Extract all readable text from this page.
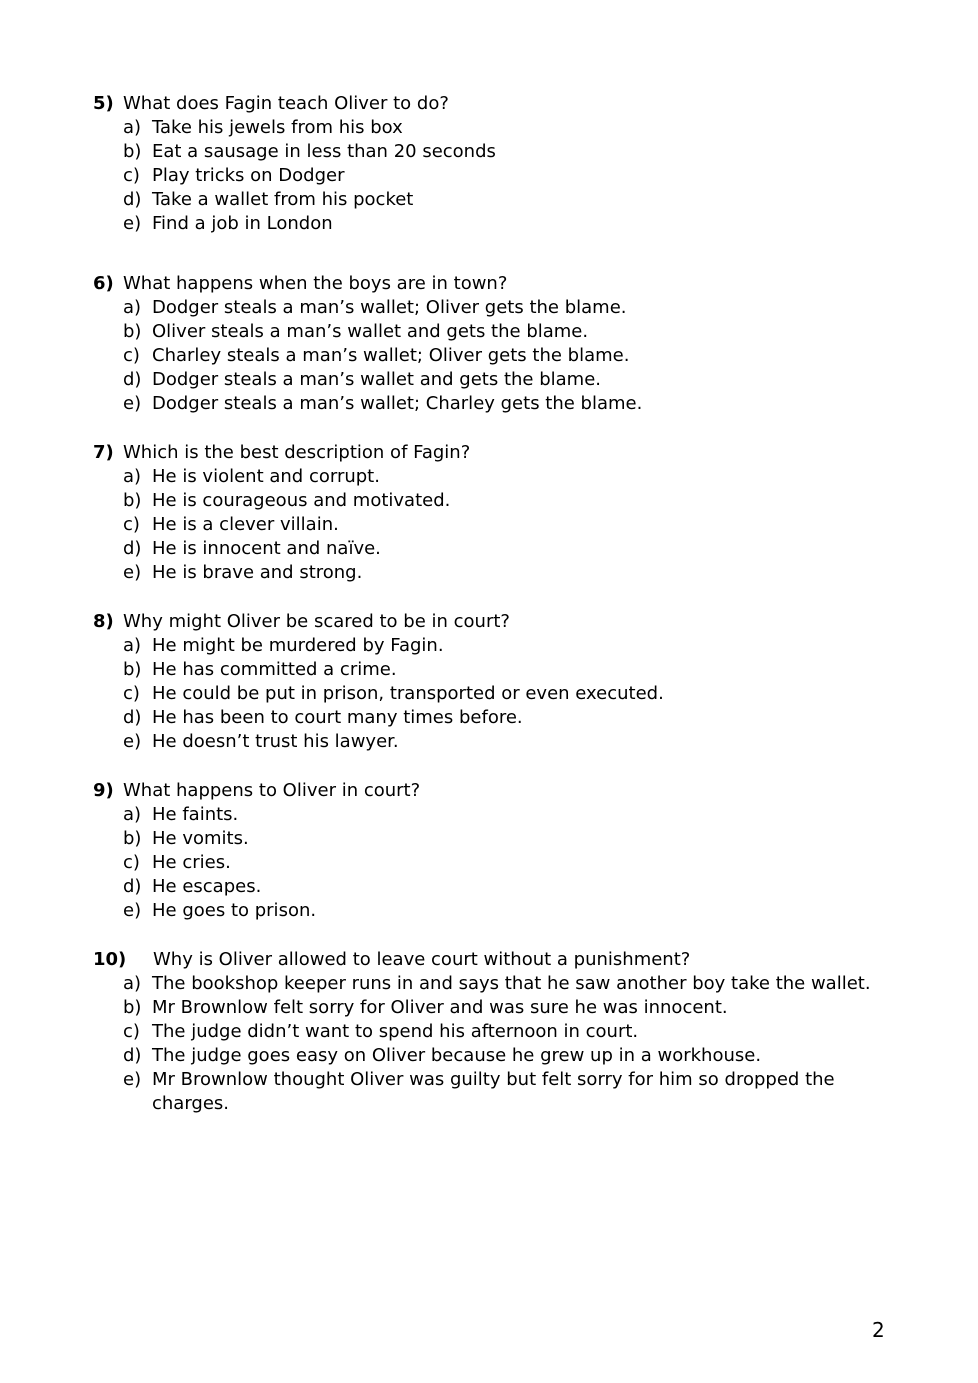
5) What does Fagin teach Oliver to do?
a) Take his jewels from his box
b) Eat a sausage in less than 20 seconds
c) Play tricks on Dodger
d) Take a wallet from his pocket
e) Find a job in London
6) What happens when the boys are in town?
a) Dodger steals a man’s wallet; Oliver gets the blame.
b) Oliver steals a man’s wallet and gets the blame.
c) Charley steals a man’s wallet; Oliver gets the blame.
d) Dodger steals a man’s wallet and gets the blame.
e) Dodger steals a man’s wallet; Charley gets the blame.
7) Which is the best description of Fagin?
a) He is violent and corrupt.
b) He is courageous and motivated.
c) He is a clever villain.
d) He is innocent and naïve.
e) He is brave and strong.
8) Why might Oliver be scared to be in court?
a) He might be murdered by Fagin.
b) He has committed a crime.
c) He could be put in prison, transported or even executed.
d) He has been to court many times before.
e) He doesn’t trust his lawyer.
9) What happens to Oliver in court?
a) He faints.
b) He vomits.
c) He cries.
d) He escapes.
e) He goes to prison.
10) Why is Oliver allowed to leave court without a punishment?
a) The bookshop keeper runs in and says that he saw another boy take the wallet.
b) Mr Brownlow felt sorry for Oliver and was sure he was innocent.
c) The judge didn’t want to spend his afternoon in court.
d) The judge goes easy on Oliver because he grew up in a workhouse.
e) Mr Brownlow thought Oliver was guilty but felt sorry for him so dropped the charges.
2
